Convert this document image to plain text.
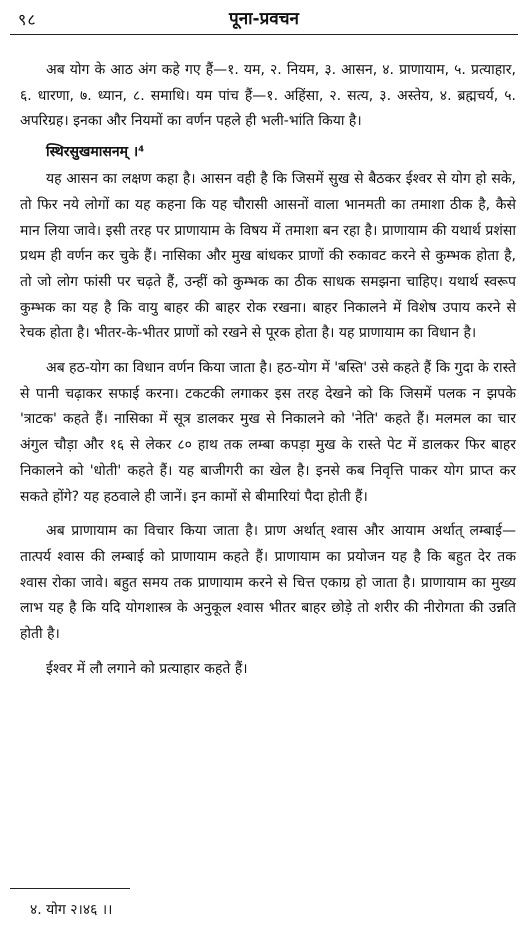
९८	पूना-प्रवचन

अब योग के आठ अंग कहे गए हैं—१. यम, २. नियम, ३. आसन, ४. प्राणायाम, ५. प्रत्याहार, ६. धारणा, ७. ध्यान, ८. समाधि। यम पांच हैं—१. अहिंसा, २. सत्य, ३. अस्तेय, ४. ब्रह्मचर्य, ५. अपरिग्रह। इनका और नियमों का वर्णन पहले ही भली-भांति किया है।

स्थिरसुखमासनम् ।⁴

यह आसन का लक्षण कहा है। आसन वही है कि जिसमें सुख से बैठकर ईश्वर से योग हो सके, तो फिर नये लोगों का यह कहना कि यह चौरासी आसनों वाला भानमती का तमाशा ठीक है, कैसे मान लिया जावे। इसी तरह पर प्राणायाम के विषय में तमाशा बन रहा है। प्राणायाम की यथार्थ प्रशंसा प्रथम ही वर्णन कर चुके हैं। नासिका और मुख बांधकर प्राणों की रुकावट करने से कुम्भक होता है, तो जो लोग फांसी पर चढ़ते हैं, उन्हीं को कुम्भक का ठीक साधक समझना चाहिए। यथार्थ स्वरूप कुम्भक का यह है कि वायु बाहर की बाहर रोक रखना। बाहर निकालने में विशेष उपाय करने से रेचक होता है। भीतर-के-भीतर प्राणों को रखने से पूरक होता है। यह प्राणायाम का विधान है।

अब हठ-योग का विधान वर्णन किया जाता है। हठ-योग में 'बस्ति' उसे कहते हैं कि गुदा के रास्ते से पानी चढ़ाकर सफाई करना। टकटकी लगाकर इस तरह देखने को कि जिसमें पलक न झपके 'त्राटक' कहते हैं। नासिका में सूत्र डालकर मुख से निकालने को 'नेति' कहते हैं। मलमल का चार अंगुल चौड़ा और १६ से लेकर ८० हाथ तक लम्बा कपड़ा मुख के रास्ते पेट में डालकर फिर बाहर निकालने को 'धोती' कहते हैं। यह बाजीगरी का खेल है। इनसे कब निवृत्ति पाकर योग प्राप्त कर सकते होंगे? यह हठवाले ही जानें। इन कामों से बीमारियां पैदा होती हैं।

अब प्राणायाम का विचार किया जाता है। प्राण अर्थात् श्वास और आयाम अर्थात् लम्बाई—तात्पर्य श्वास की लम्बाई को प्राणायाम कहते हैं। प्राणायाम का प्रयोजन यह है कि बहुत देर तक श्वास रोका जावे। बहुत समय तक प्राणायाम करने से चित्त एकाग्र हो जाता है। प्राणायाम का मुख्य लाभ यह है कि यदि योगशास्त्र के अनुकूल श्वास भीतर बाहर छोड़े तो शरीर की नीरोगता की उन्नति होती है।

ईश्वर में लौ लगाने को प्रत्याहार कहते हैं।

४. योग २।४६ ।।
